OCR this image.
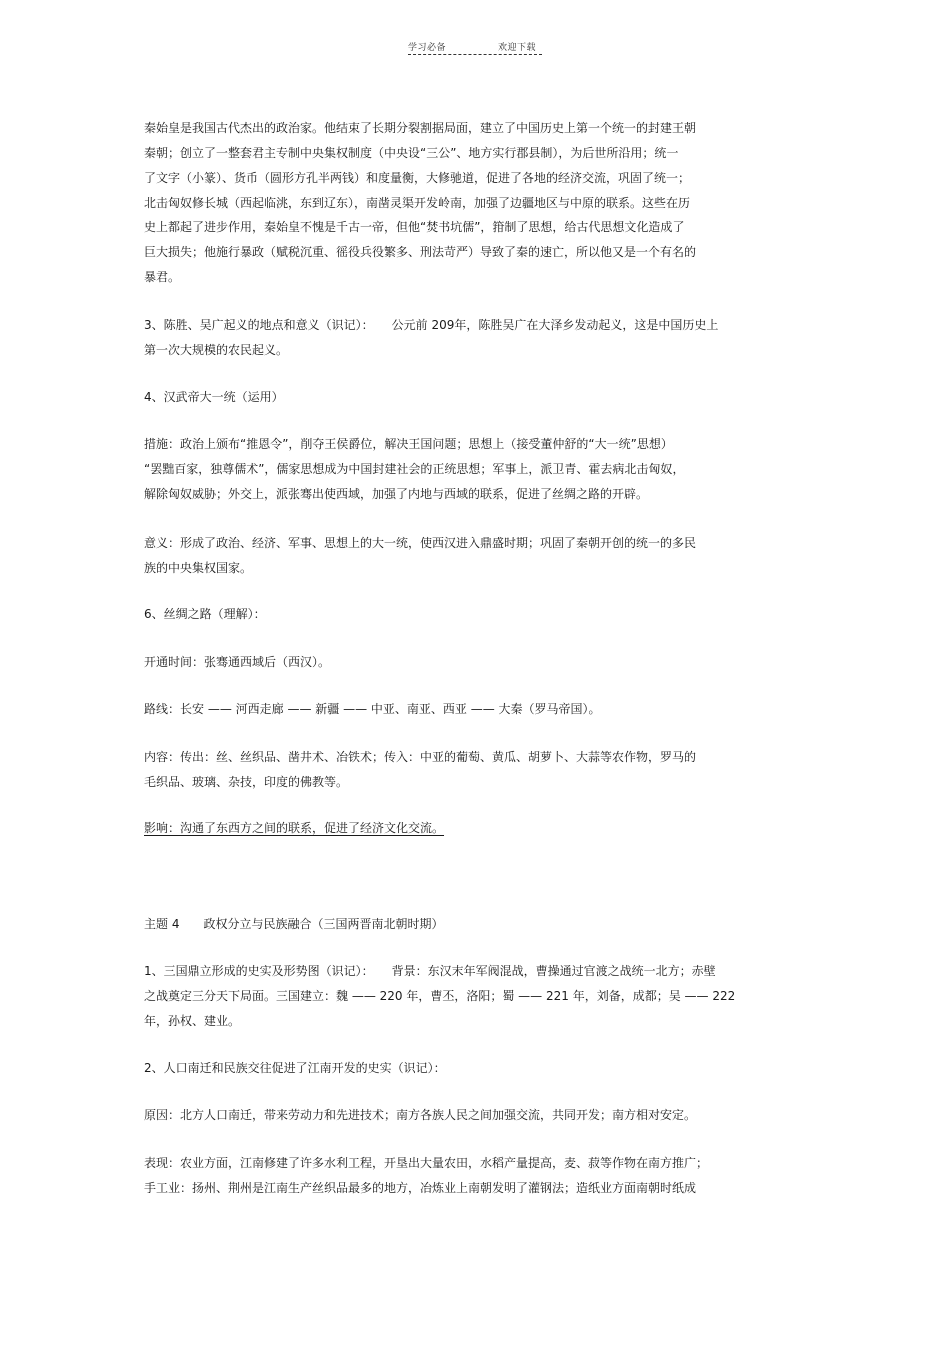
学习必备	欢迎下载
秦始皇是我国古代杰出的政治家。他结束了长期分裂割据局面，建立了中国历史上第一个统一的封建王朝
秦朝；创立了一整套君主专制中央集权制度（中央设“三公”、地方实行郡县制），为后世所沿用；统一
了文字（小篆）、货币（圆形方孔半两钱）和度量衡，大修驰道，促进了各地的经济交流，巩固了统一；
北击匈奴修长城（西起临洮，东到辽东），南凿灵渠开发岭南，加强了边疆地区与中原的联系。这些在历
史上都起了进步作用，秦始皇不愧是千古一帝，但他“焚书坑儒”，箝制了思想，给古代思想文化造成了
巨大损失；他施行暴政（赋税沉重、徭役兵役繁多、刑法苛严）导致了秦的速亡，所以他又是一个有名的
暴君。
3、陈胜、吴广起义的地点和意义（识记）：　　公元前 209年，陈胜吴广在大泽乡发动起义，这是中国历史上
第一次大规模的农民起义。
4、汉武帝大一统（运用）
措施：政治上颁布“推恩令”，削夺王侯爵位，解决王国问题；思想上（接受董仲舒的“大一统”思想）
“罢黜百家，独尊儒术”，儒家思想成为中国封建社会的正统思想；军事上，派卫青、霍去病北击匈奴，
解除匈奴威胁；外交上，派张骞出使西域，加强了内地与西域的联系，促进了丝绸之路的开辟。
意义：形成了政治、经济、军事、思想上的大一统，使西汉进入鼎盛时期；巩固了秦朝开创的统一的多民
族的中央集权国家。
6、丝绸之路（理解）：
开通时间：张骞通西域后（西汉）。
路线：长安 —— 河西走廊 —— 新疆 —— 中亚、南亚、西亚 —— 大秦（罗马帝国）。
内容：传出：丝、丝织品、凿井术、冶铁术；传入：中亚的葡萄、黄瓜、胡萝卜、大蒜等农作物，罗马的
毛织品、玻璃、杂技，印度的佛教等。
影响：沟通了东西方之间的联系，促进了经济文化交流。
主题 4　　政权分立与民族融合（三国两晋南北朝时期）
1、三国鼎立形成的史实及形势图（识记）：　　背景：东汉末年军阀混战，曹操通过官渡之战统一北方；赤壁
之战奠定三分天下局面。三国建立：魏 —— 220 年，曹丕，洛阳；蜀 —— 221 年，刘备，成都；吴 —— 222
年，孙权、建业。
2、人口南迁和民族交往促进了江南开发的史实（识记）：
原因：北方人口南迁，带来劳动力和先进技术；南方各族人民之间加强交流，共同开发；南方相对安定。
表现：农业方面，江南修建了许多水利工程，开垦出大量农田，水稻产量提高，麦、菽等作物在南方推广；
手工业：扬州、荆州是江南生产丝织品最多的地方，冶炼业上南朝发明了灌钢法；造纸业方面南朝时纸成
